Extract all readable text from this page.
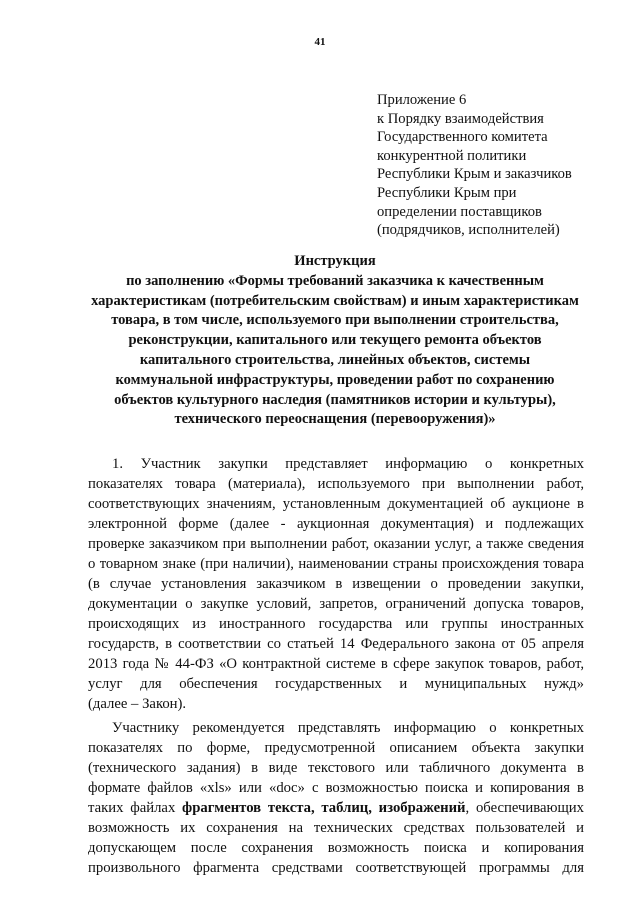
41
Приложение 6
к Порядку взаимодействия
Государственного комитета
конкурентной политики
Республики Крым и заказчиков
Республики Крым при
определении поставщиков
(подрядчиков, исполнителей)
Инструкция
по заполнению «Формы требований заказчика к качественным
характеристикам (потребительским свойствам) и иным характеристикам
товара, в том числе, используемого при выполнении строительства,
реконструкции, капитального или текущего ремонта объектов
капитального строительства, линейных объектов, системы
коммунальной инфраструктуры, проведении работ по сохранению
объектов культурного наследия (памятников истории и культуры),
технического переоснащения (перевооружения)»
1. Участник закупки представляет информацию о конкретных
показателях товара (материала), используемого при выполнении работ,
соответствующих значениям, установленным документацией об аукционе в
электронной форме (далее - аукционная документация) и подлежащих
проверке заказчиком при выполнении работ, оказании услуг, а также сведения
о товарном знаке (при наличии), наименовании страны происхождения товара
(в случае установления заказчиком в извещении о проведении закупки,
документации о закупке условий, запретов, ограничений допуска товаров,
происходящих из иностранного государства или группы иностранных
государств, в соответствии со статьей 14 Федерального закона от 05 апреля
2013 года № 44-ФЗ «О контрактной системе в сфере закупок товаров, работ,
услуг для обеспечения государственных и муниципальных нужд»
(далее – Закон).
Участнику рекомендуется представлять информацию о конкретных
показателях по форме, предусмотренной описанием объекта закупки
(технического задания) в виде текстового или табличного документа в
формате файлов «xls» или «doc» с возможностью поиска и копирования в
таких файлах фрагментов текста, таблиц, изображений, обеспечивающих
возможность их сохранения на технических средствах пользователей и
допускающем после сохранения возможность поиска и копирования
произвольного фрагмента средствами соответствующей программы для
